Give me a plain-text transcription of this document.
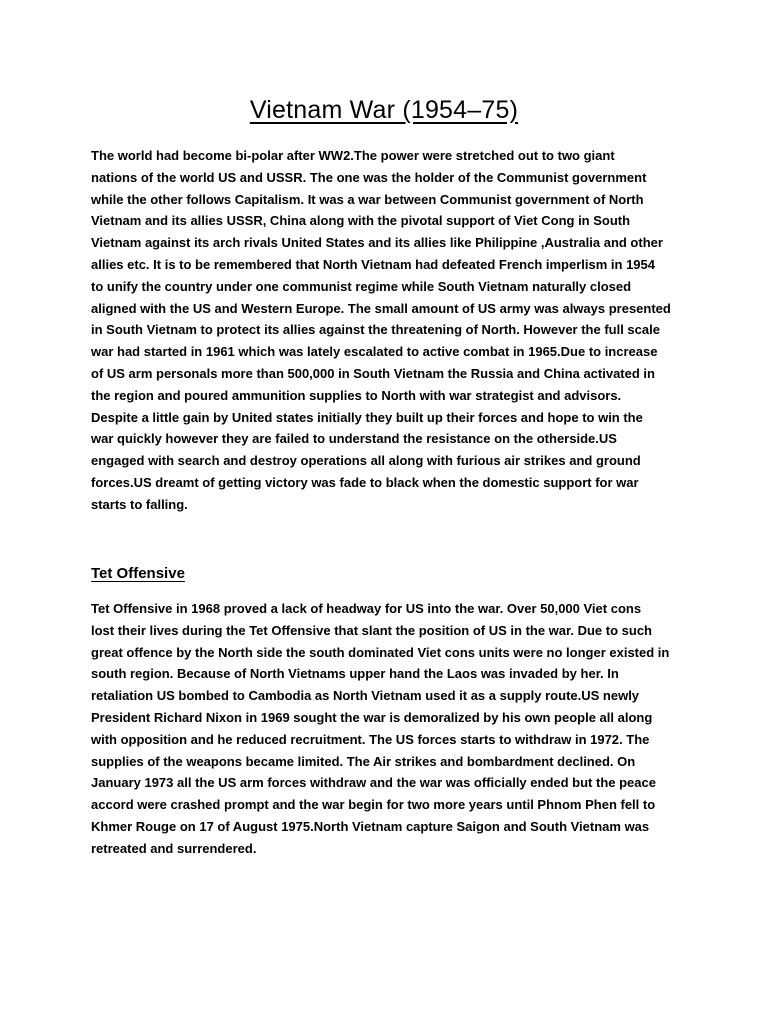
Vietnam War (1954–75)

The world had become bi-polar after WW2.The power were stretched out to two giant
nations of the world US and USSR. The one was the holder of the Communist government
while the other follows Capitalism. It was a war between Communist government of North
Vietnam and its allies USSR, China along with the pivotal support of Viet Cong in South
Vietnam against its arch rivals United States and its allies like Philippine ,Australia and other
allies etc. It is to be remembered that North Vietnam had defeated French imperlism in 1954
to unify the country under one communist regime while South Vietnam naturally closed
aligned with the US and Western Europe. The small amount of US army was always presented
in South Vietnam to protect its allies against the threatening of North. However the full scale
war had started in 1961 which was lately escalated to active combat in 1965.Due to increase
of US arm personals more than 500,000 in South Vietnam the Russia and China activated in
the region and poured ammunition supplies to North with war strategist and advisors.
Despite a little gain by United states initially they built up their forces and hope to win the
war quickly however they are failed to understand the resistance on the otherside.US
engaged with search and destroy operations all along with furious air strikes and ground
forces.US dreamt of getting victory was fade to black when the domestic support for war
starts to falling.

Tet Offensive

Tet Offensive in 1968 proved a lack of headway for US into the war. Over 50,000 Viet cons
lost their lives during the Tet Offensive that slant the position of US in the war. Due to such
great offence by the North side the south dominated Viet cons units were no longer existed in
south region. Because of North Vietnams upper hand the Laos was invaded by her. In
retaliation US bombed to Cambodia as North Vietnam used it as a supply route.US newly
President Richard Nixon in 1969 sought the war is demoralized by his own people all along
with opposition and he reduced recruitment. The US forces starts to withdraw in 1972. The
supplies of the weapons became limited. The Air strikes and bombardment declined. On
January 1973 all the US arm forces withdraw and the war was officially ended but the peace
accord were crashed prompt and the war begin for two more years until Phnom Phen fell to
Khmer Rouge on 17 of August 1975.North Vietnam capture Saigon and South Vietnam was
retreated and surrendered.
